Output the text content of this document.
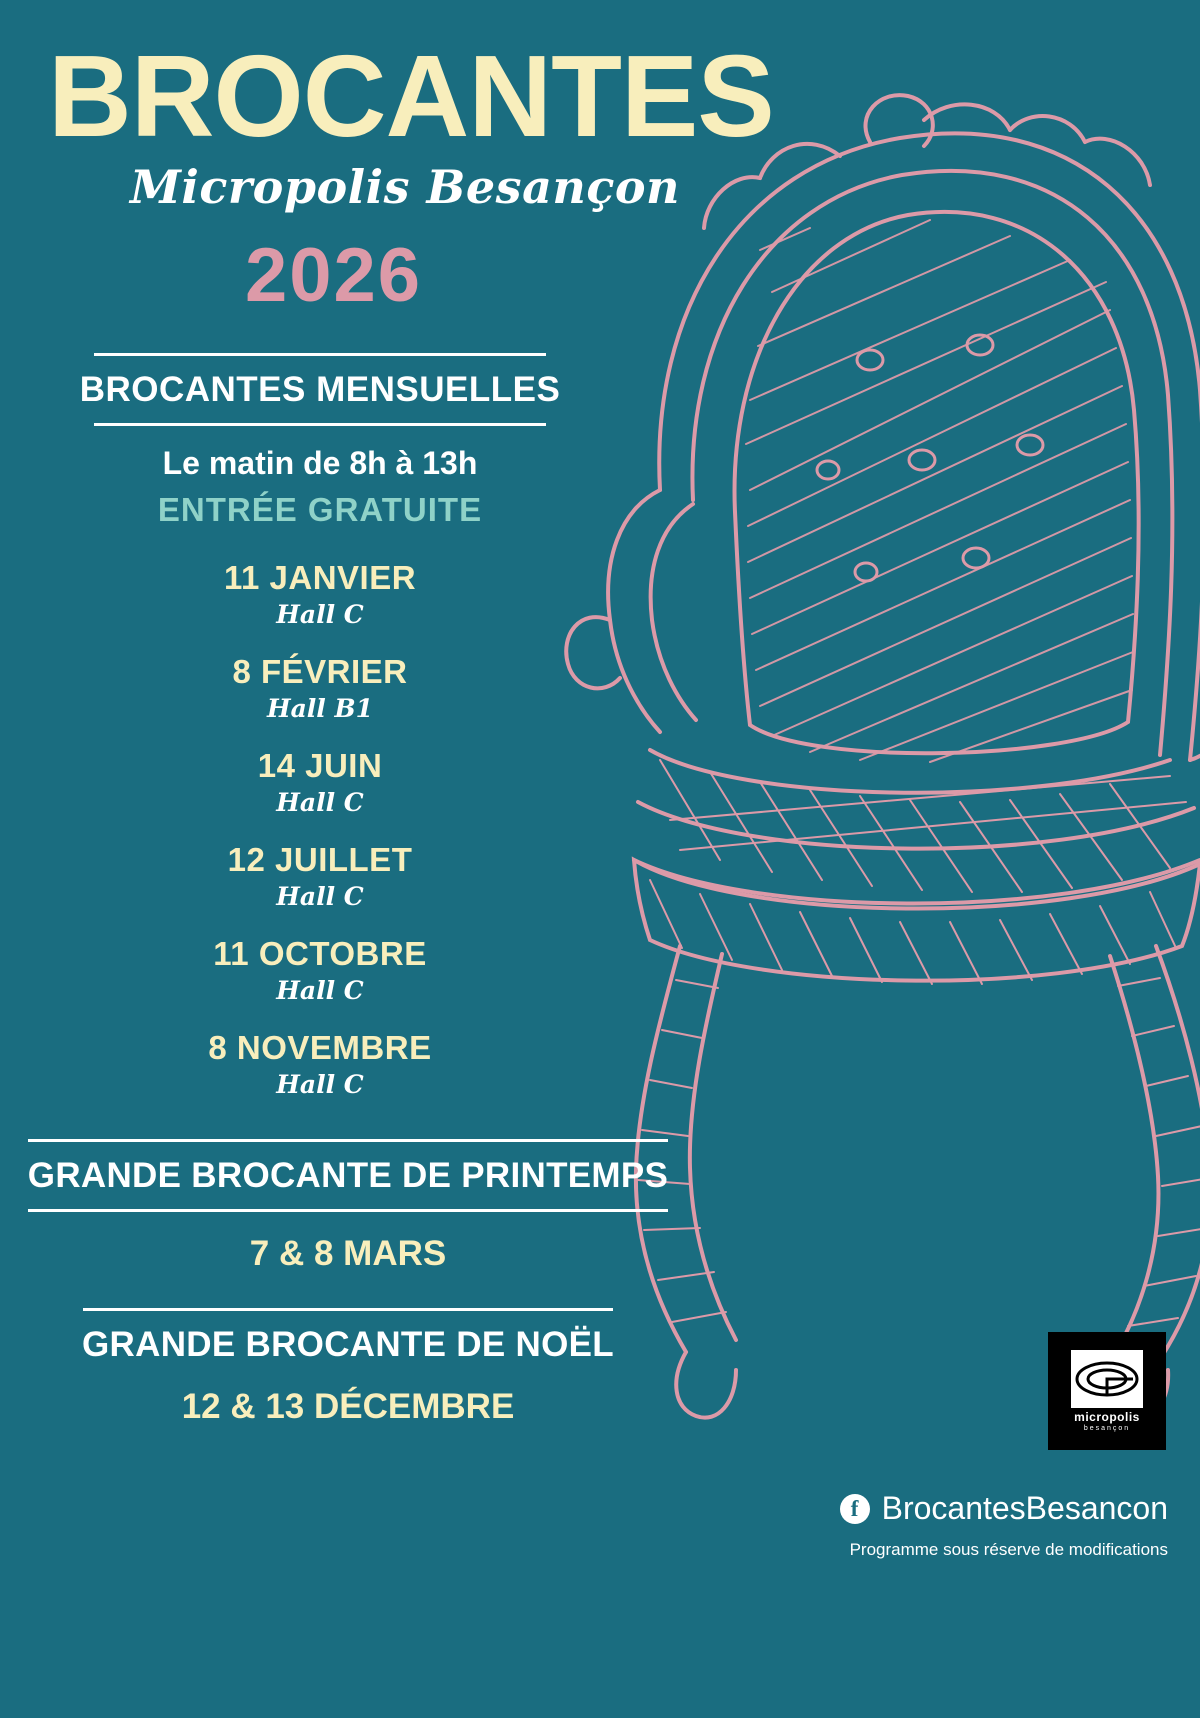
BROCANTES
Micropolis Besançon
2026
BROCANTES MENSUELLES
Le matin de 8h à 13h
ENTRÉE GRATUITE
11 JANVIER
Hall C
8 FÉVRIER
Hall B1
14 JUIN
Hall C
12 JUILLET
Hall C
11 OCTOBRE
Hall C
8 NOVEMBRE
Hall C
GRANDE BROCANTE DE PRINTEMPS
7 & 8 MARS
GRANDE BROCANTE DE NOËL
12 & 13 DÉCEMBRE	micropolis
besançon
f BrocantesBesancon
Programme sous réserve de modifications
